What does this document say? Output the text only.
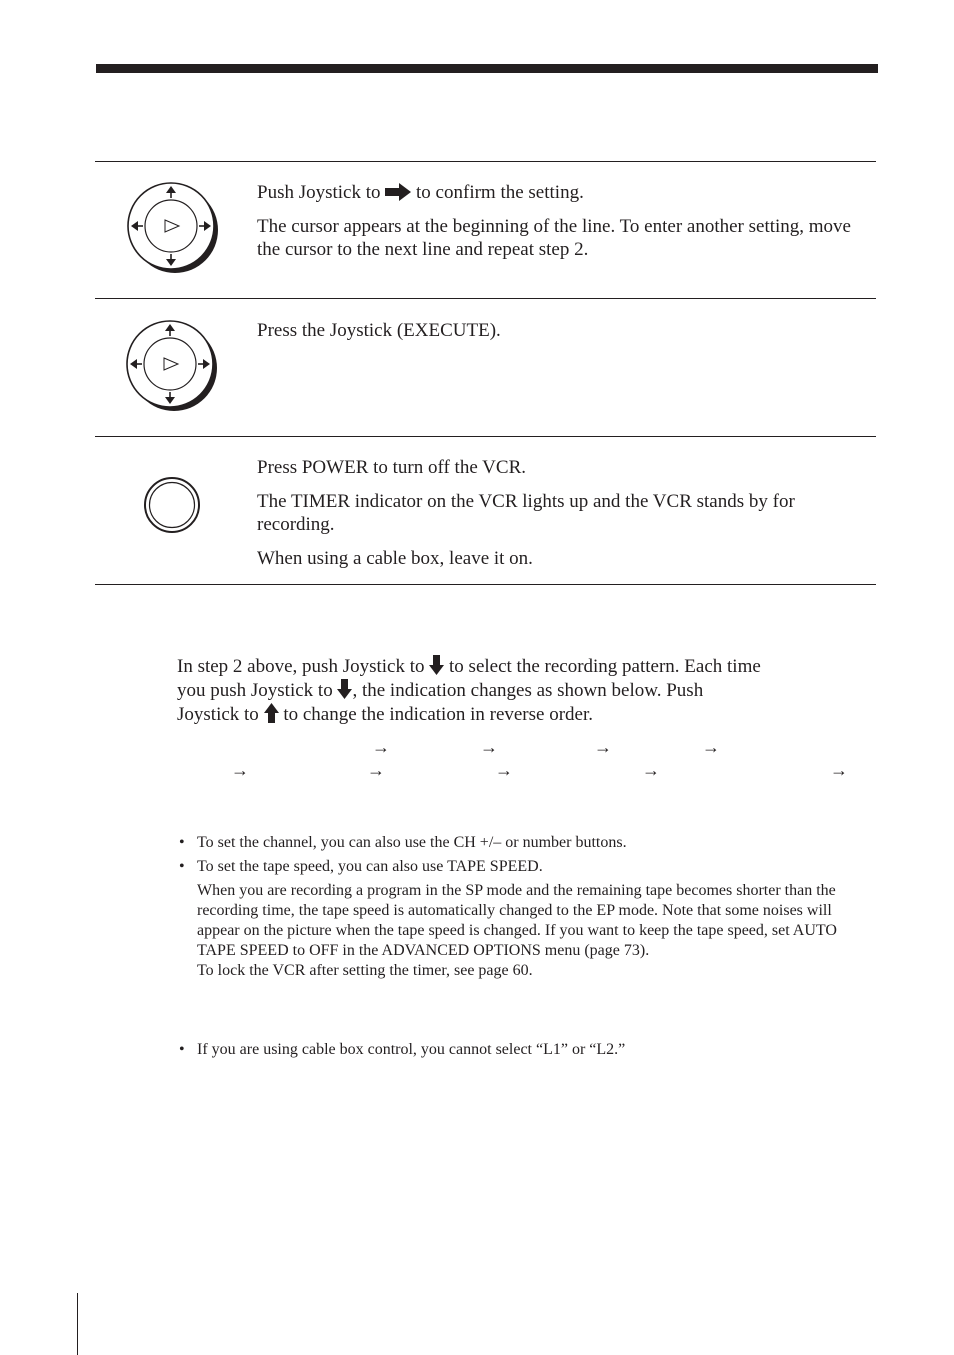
Push Joystick to  to confirm the setting.

The cursor appears at the beginning of the line. To enter another setting, move the cursor to the next line and repeat step 2.

Press the Joystick (EXECUTE).

Press POWER to turn off the VCR.

The TIMER indicator on the VCR lights up and the VCR stands by for recording.

When using a cable box, leave it on.

In step 2 above, push Joystick to  to select the recording pattern. Each time
you push Joystick to , the indication changes as shown below. Push
Joystick to  to change the indication in reverse order.
→	→	→	→
→	→	→	→	→
• To set the channel, you can also use the CH +/– or number buttons.
• To set the tape speed, you can also use TAPE SPEED.
When you are recording a program in the SP mode and the remaining tape becomes shorter than the recording time, the tape speed is automatically changed to the EP mode. Note that some noises will appear on the picture when the tape speed is changed. If you want to keep the tape speed, set AUTO TAPE SPEED to OFF in the ADVANCED OPTIONS menu (page 73).
To lock the VCR after setting the timer, see page 60.
• If you are using cable box control, you cannot select “L1” or “L2.”
